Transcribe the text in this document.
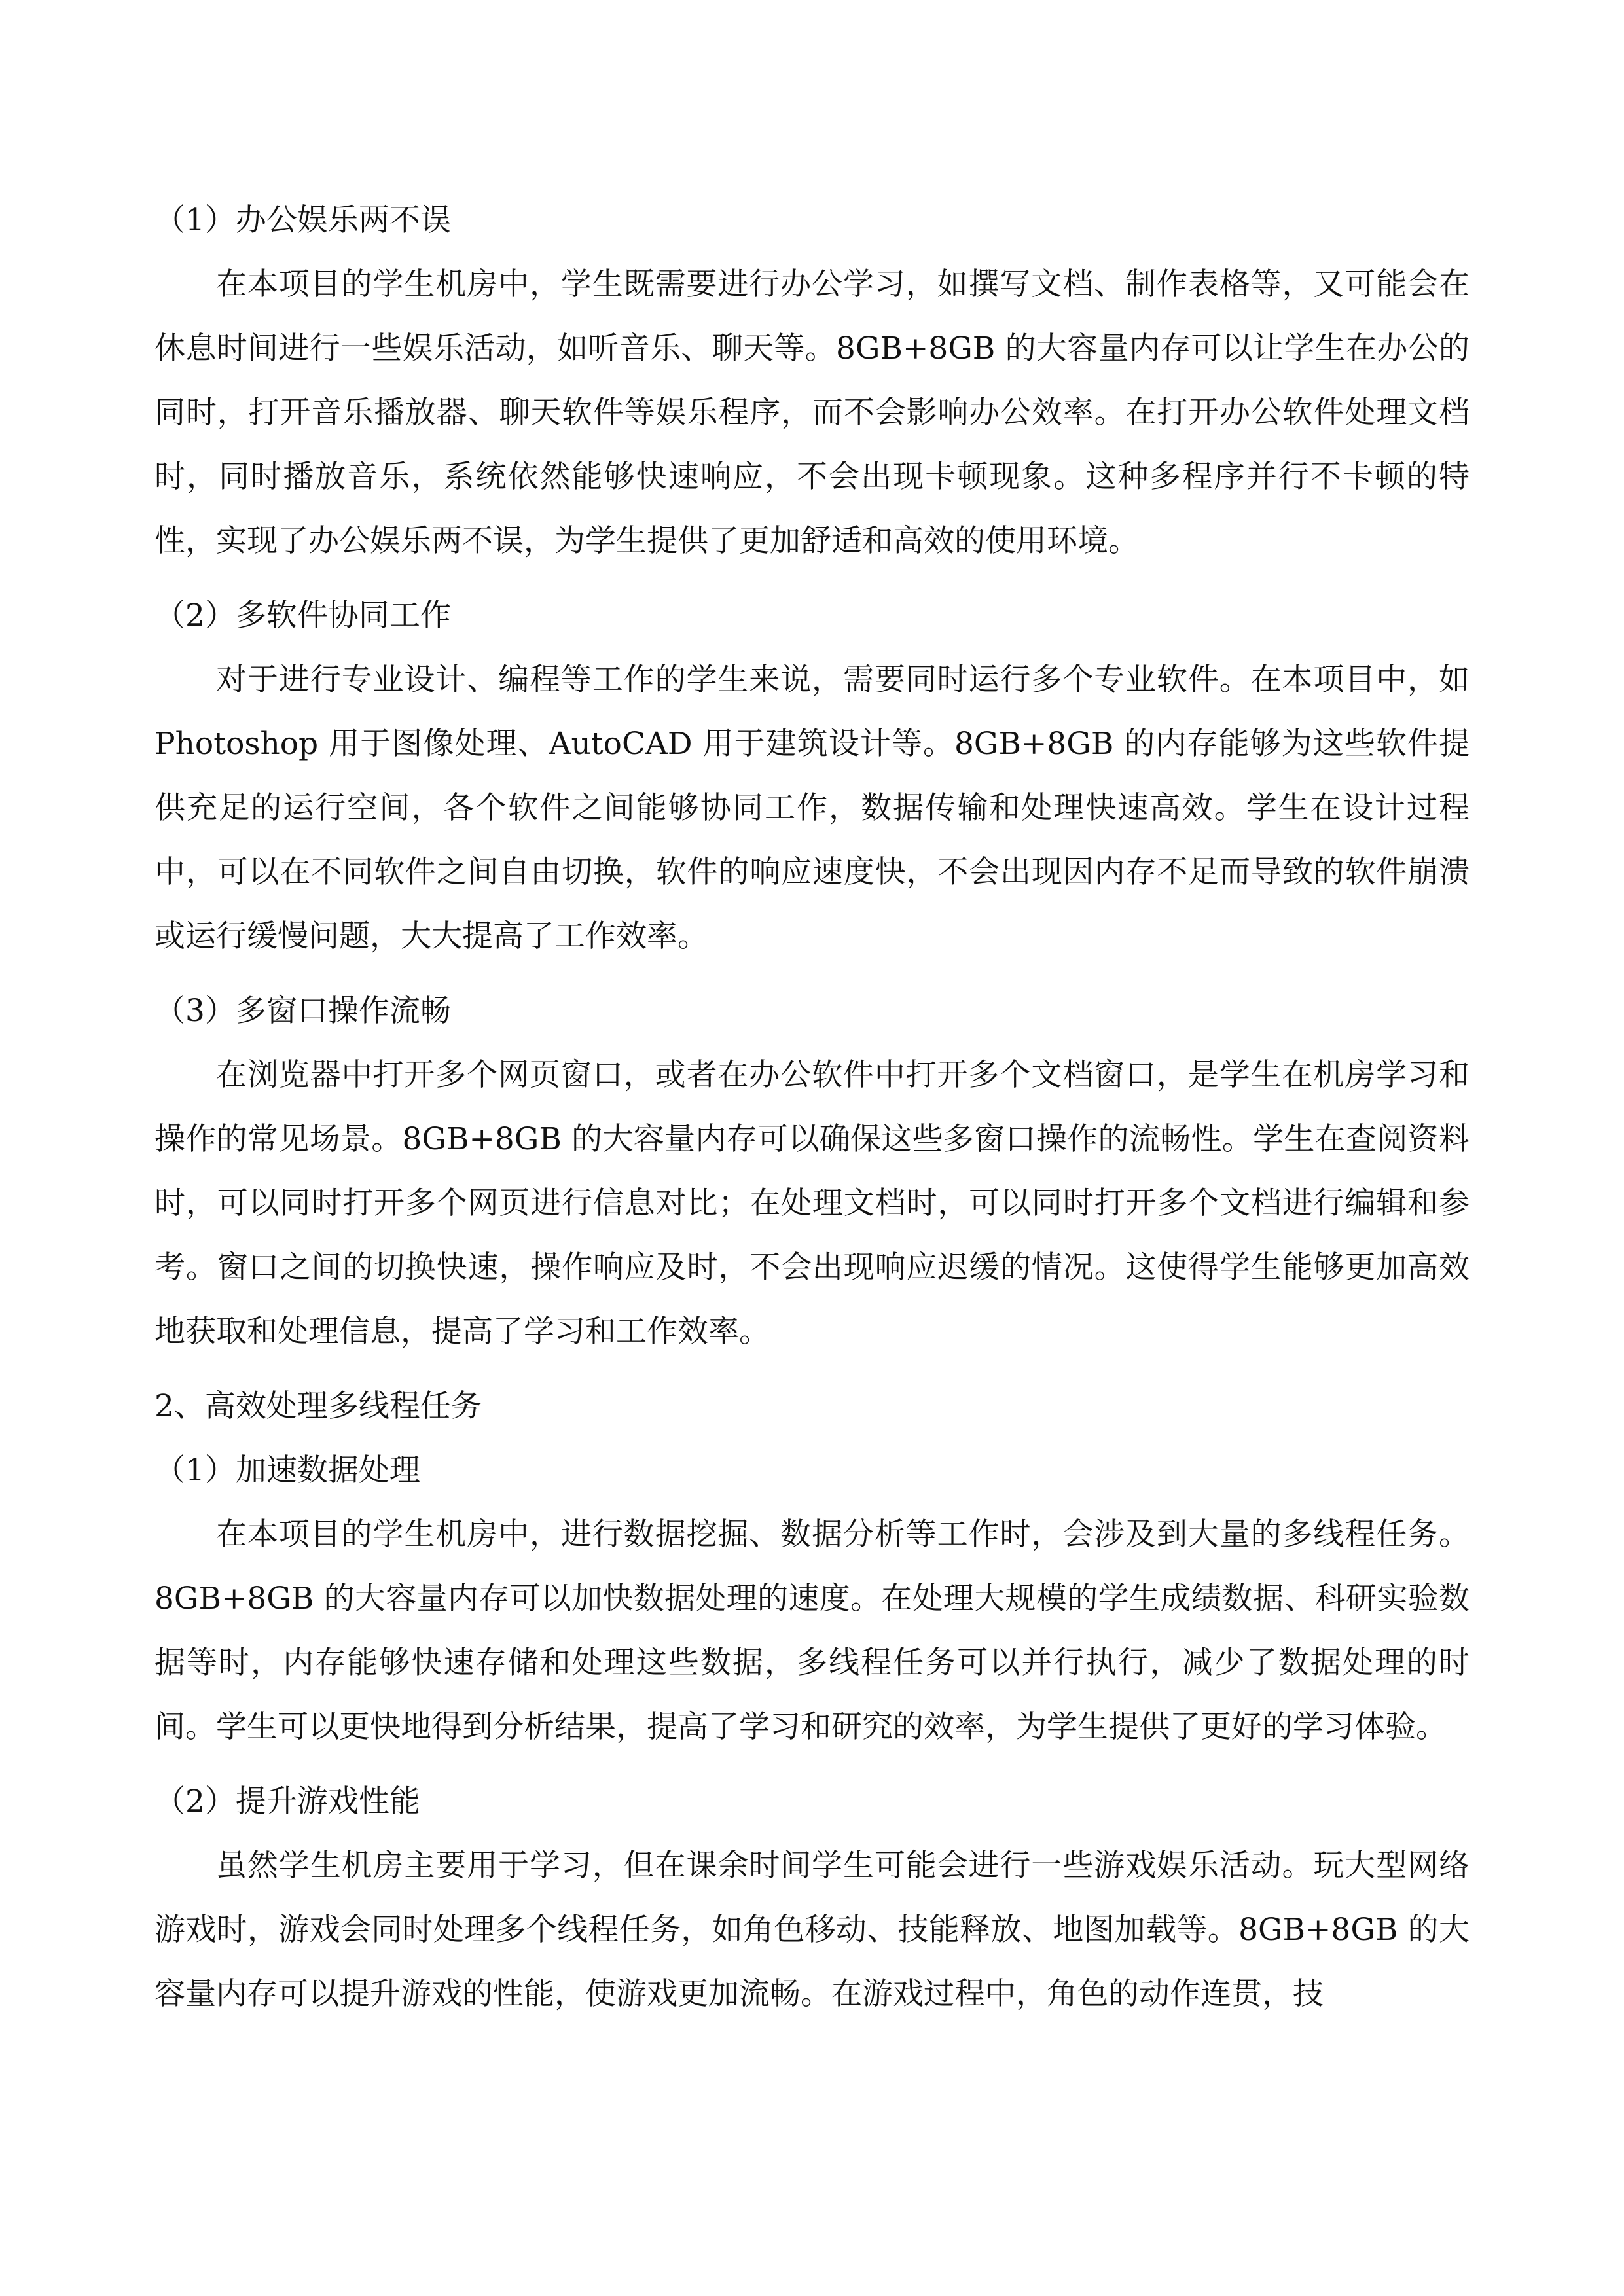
（1）办公娱乐两不误

在本项目的学生机房中，学生既需要进行办公学习，如撰写文档、制作表格等，又可能会在休息时间进行一些娱乐活动，如听音乐、聊天等。8GB+8GB 的大容量内存可以让学生在办公的同时，打开音乐播放器、聊天软件等娱乐程序，而不会影响办公效率。在打开办公软件处理文档时，同时播放音乐，系统依然能够快速响应，不会出现卡顿现象。这种多程序并行不卡顿的特性，实现了办公娱乐两不误，为学生提供了更加舒适和高效的使用环境。

（2）多软件协同工作

对于进行专业设计、编程等工作的学生来说，需要同时运行多个专业软件。在本项目中，如 Photoshop 用于图像处理、AutoCAD 用于建筑设计等。8GB+8GB 的内存能够为这些软件提供充足的运行空间，各个软件之间能够协同工作，数据传输和处理快速高效。学生在设计过程中，可以在不同软件之间自由切换，软件的响应速度快，不会出现因内存不足而导致的软件崩溃或运行缓慢问题，大大提高了工作效率。

（3）多窗口操作流畅

在浏览器中打开多个网页窗口，或者在办公软件中打开多个文档窗口，是学生在机房学习和操作的常见场景。8GB+8GB 的大容量内存可以确保这些多窗口操作的流畅性。学生在查阅资料时，可以同时打开多个网页进行信息对比；在处理文档时，可以同时打开多个文档进行编辑和参考。窗口之间的切换快速，操作响应及时，不会出现响应迟缓的情况。这使得学生能够更加高效地获取和处理信息，提高了学习和工作效率。

2、高效处理多线程任务

（1）加速数据处理

在本项目的学生机房中，进行数据挖掘、数据分析等工作时，会涉及到大量的多线程任务。8GB+8GB 的大容量内存可以加快数据处理的速度。在处理大规模的学生成绩数据、科研实验数据等时，内存能够快速存储和处理这些数据，多线程任务可以并行执行，减少了数据处理的时间。学生可以更快地得到分析结果，提高了学习和研究的效率，为学生提供了更好的学习体验。

（2）提升游戏性能

虽然学生机房主要用于学习，但在课余时间学生可能会进行一些游戏娱乐活动。玩大型网络游戏时，游戏会同时处理多个线程任务，如角色移动、技能释放、地图加载等。8GB+8GB 的大容量内存可以提升游戏的性能，使游戏更加流畅。在游戏过程中，角色的动作连贯，技
